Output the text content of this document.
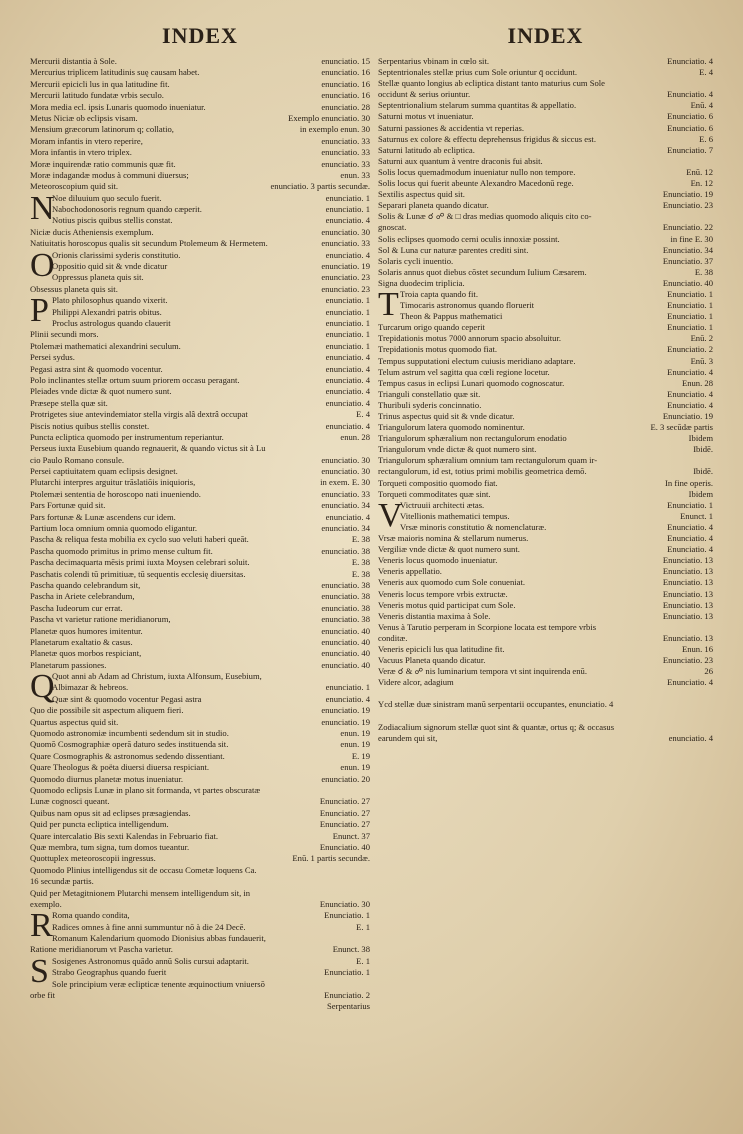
INDEX
Mercurii distantia à Sole.	enunciatio. 15
Mercurius triplicem latitudinis suę causam habet.	enunciatio. 16
Mercurii epicicli lus in qua latitudine fit.	enunciatio. 16
Mercurii latitudo fundatæ vrbis seculo.	enunciatio. 16
Mora media ecl. ipsis Lunaris quomodo inueniatur.	enunciatio. 28
Metus Niciæ ob eclipsis visam.	Exemplo enunciatio. 30
Mensium græcorum latinorum q; collatio,	in exemplo enun. 30
Moram infantis in vtero reperire,	enunciatio. 33
Mora infantis in vtero triplex.	enunciatio. 33
Moræ inquirendæ ratio communis quæ fit.	enunciatio. 33
Moræ indagandæ modus à communi diuersus;	enun. 33
Meteoroscopium quid sit.	enunciatio. 3 partis secundæ.
N
Noe diluuium quo seculo fuerit.	enunciatio. 1
Nabochodonosoris regnum quando cæperit.	enunciatio. 1
Notius piscis quibus stellis constat.	enunciatio. 4
Niciæ ducis Atheniensis exemplum.	enunciatio. 30
Natiuitatis horoscopus qualis sit secundum Ptolemeum & Hermetem.	enunciatio. 33
O
Orionis clarissimi syderis constitutio.	enunciatio. 4
Oppositio quid sit & vnde dicatur	enunciatio. 19
Oppressus planeta quis sit.	enunciatio. 23
Obsessus planeta quis sit.	enunciatio. 23
P Plato philosophus quando vixerit.	enunciatio. 1
Philippi Alexandri patris obitus.	enunciatio. 1
Proclus astrologus quando clauerit	enunciatio. 1
Plinii secundi mors.	enunciatio. 1
Ptolemæi mathematici alexandrini seculum.	enunciatio. 1
Persei sydus.	enunciatio. 4
Pegasi astra sint & quomodo vocentur.	enunciatio. 4
Polo inclinantes stellæ ortum suum priorem occasu peragant.	enunciatio. 4
Pleiades vnde dictæ & quot numero sunt.	enunciatio. 4
Præsepe stella quæ sit.	enunciatio. 4
Protrigetes siue antevindemiator stella virgis alâ dextrâ occupat	E. 4
Piscis notius quibus stellis constet.	enunciatio. 4
Puncta ecliptica quomodo per instrumentum reperiantur.	enun. 28
Perseus iuxta Eusebium quando regnauerit, & quando victus sit à Lu
cio Paulo Romano consule.	enunciatio. 30
Persei captiuitatem quam eclipsis designet.	enunciatio. 30
Plutarchi interpres arguitur trāslatiōis iniquioris,	in exem. E. 30
Ptolemæi sententia de horoscopo nati inueniendo.	enunciatio. 33
Pars Fortunæ quid sit.	enunciatio. 34
Pars fortunæ & Lunæ ascendens cur idem.	enunciatio. 4
Partium loca omnium omnia quomodo eligantur.	enunciatio. 34
Pascha & reliqua festa mobilia ex cyclo suo veluti haberi queāt.	E. 38
Pascha quomodo primitus in primo mense cultum fit.	enunciatio. 38
Pascha decimaquarta mēsis primi iuxta Moysen celebrari soluit.	E. 38
Paschatis colendi tū primitiuæ, tū sequentis ecclesię diuersitas.	E. 38
Pascha quando celebrandum sit,	enunciatio. 38
Pascha in Ariete celebrandum,	enunciatio. 38
Pascha Iudeorum cur errat.	enunciatio. 38
Pascha vt varietur ratione meridianorum,	enunciatio. 38
Planetæ quos humores imitentur.	enunciatio. 40
Planetarum exaltatio & casus.	enunciatio. 40
Planetæ quos morbos respiciant,	enunciatio. 40
Planetarum passiones.	enunciatio. 40
Q
Quot anni ab Adam ad Christum, iuxta Alfonsum, Eusebium,
Albimazar & hebreos.	enunciatio. 1
Quæ sint & quomodo vocentur Pegasi astra	enunciatio. 4
Quo die possibile sit aspectum aliquem fieri.	enunciatio. 19
Quartus aspectus quid sit.	enunciatio. 19
Quomodo astronomiæ incumbenti sedendum sit in studio.	enun. 19
Quomō Cosmographiæ operā daturo sedes instituenda sit.	enun. 19
Quare Cosmographis & astronomus sedendo dissentiant.	E. 19
Quare Theologus & poëta diuersi diuersa respiciant.	enun. 19
Quomodo diurnus planetæ motus inueniatur.	enunciatio. 20
Quomodo eclipsis Lunæ in plano sit formanda, vt partes obscuratæ
Lunæ cognosci queant.	Enunciatio. 27
Quibus nam opus sit ad eclipses præsagiendas.	Enunciatio. 27
Quid per puncta ecliptica intelligendum.	Enunciatio. 27
Quare intercalatio Bis sexti Kalendas in Februario fiat.	Enunct. 37
Quæ membra, tum signa, tum domos tueantur.	Enunciatio. 40
Quottuplex meteoroscopii ingressus.	Enū. 1 partis secundæ.
Quomodo Plinius intelligendus sit de occasu Cometæ loquens Ca.
16 secundæ partis.
Quid per Metagitnionem Plutarchi mensem intelligendum sit, in
exemplo.	Enunciatio. 30
R Roma quando condita,	Enunciatio. 1
Radices omnes à fine anni summuntur nō à die 24 Decē.	E. 1
Romanum Kalendarium quomodo Dionisius abbas fundauerit,
Ratione meridianorum vt Pascha varietur.	Enunct. 38
S Sosigenes Astronomus quādo annū Solis cursui adaptarit.	E. 1
Strabo Geographus quando fuerit	Enunciatio. 1
Sole principium veræ eclipticæ tenente æquinoctium vniuersō
orbe fit	Enunciatio. 2
Serpentarius
INDEX
Serpentarius vbinam in cœlo sit.	Enunciatio. 4
Septentrionales stellæ prius cum Sole oriuntur q̄ occidunt.	E. 4
Stellæ quanto longius ab ecliptica distant tanto maturius cum Sole
occidunt & serius oriuntur.	Enunciatio. 4
Septentrionalium stelarum summa quantitas & appellatio.	Enū. 4
Saturni motus vt inueniatur.	Enunciatio. 6
Saturni passiones & accidentia vt reperias.	Enunciatio. 6
Saturnus ex colore & effectu deprehensus frigidus & siccus est.	E. 6
Saturni latitudo ab ecliptica.	Enunciatio. 7
Saturni aux quantum à ventre draconis fui absit.
Solis locus quemadmodum inueniatur nullo non tempore.	Enū. 12
Solis locus qui fuerit abeunte Alexandro Macedonū rege.	En. 12
Sextilis aspectus quid sit.	Enunciatio. 19
Separari planeta quando dicatur.	Enunciatio. 23
Solis & Lunæ ☌ ☍ & □ dras medias quomodo aliquis cito co-
gnoscat.	Enunciatio. 22
Solis eclipses quomodo cerni oculis innoxiæ possint.	in fine E. 30
Sol & Luna cur naturæ parentes crediti sint.	Enunciatio. 34
Solaris cycli inuentio.	Enunciatio. 37
Solaris annus quot diebus cōstet secundum Iulium Cæsarem.	E. 38
Signa duodecim triplicia.	Enunciatio. 40
T Troia capta quando fit.	Enunciatio. 1
Timocaris astronomus quando floruerit	Enunciatio. 1
Theon & Pappus mathematici	Enunciatio. 1
Turcarum origo quando ceperit	Enunciatio. 1
Trepidationis motus 7000 annorum spacio absoluitur.	Enū. 2
Trepidationis motus quomodo fiat.	Enunciatio. 2
Tempus supputationi electum cuiusis meridiano adaptare.	Enū. 3
Telum astrum vel sagitta qua cœli regione locetur.	Enunciatio. 4
Tempus casus in eclipsi Lunari quomodo cognoscatur.	Enun. 28
Trianguli constellatio quæ sit.	Enunciatio. 4
Thuribuli syderis concinnatio.	Enunciatio. 4
Trinus aspectus quid sit & vnde dicatur.	Enunciatio. 19
Triangulorum latera quomodo nominentur.	E. 3 secūdæ partis
Triangulorum sphæralium non rectangulorum enodatio	Ibidem
Triangulorum vnde dictæ & quot numero sint.	Ibidē.
Triangulorum sphæralium omnium tam rectangulorum quam ir-
rectangulorum, id est, totius primi mobilis geometrica demō.	Ibidē.
Torqueti compositio quomodo fiat.	In fine operis.
Torqueti commoditates quæ sint.	Ibidem
V
Victruuii architecti ætas.	Enunciatio. 1
Vitellionis mathematici tempus.	Enunct. 1
Vrsæ minoris constitutio & nomenclaturæ.	Enunciatio. 4
Vrsæ maioris nomina & stellarum numerus.	Enunciatio. 4
Vergiliæ vnde dictæ & quot numero sunt.	Enunciatio. 4
Veneris locus quomodo inueniatur.	Enunciatio. 13
Veneris appellatio.	Enunciatio. 13
Veneris aux quomodo cum Sole conueniat.	Enunciatio. 13
Veneris locus tempore vrbis extructæ.	Enunciatio. 13
Veneris motus quid participat cum Sole.	Enunciatio. 13
Veneris distantia maxima à Sole.	Enunciatio. 13
Venus à Tarutio perperam in Scorpione locata est tempore vrbis
conditæ.	Enunciatio. 13
Veneris epicicli lus qua latitudine fit.	Enun. 16
Vacuus Planeta quando dicatur.	Enunciatio. 23
Veræ ☌ & ☍ nis luminarium tempora vt sint inquirenda enū.	26
Videre alcor, adagium	Enunciatio. 4
Ycd stellæ duæ sinistram manū serpentarii occupantes, enunciatio. 4
Zodiacalium signorum stellæ quot sint & quantæ, ortus q; & occasus
earundem qui sit,	enunciatio. 4
